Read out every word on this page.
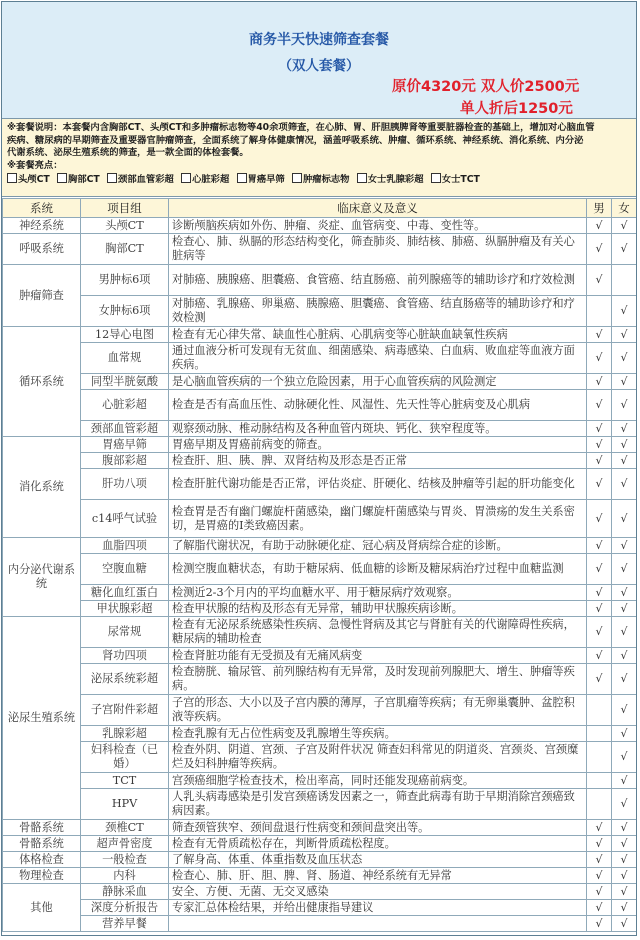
商务半天快速筛查套餐
（双人套餐）
原价4320元 双人价2500元
单人折后1250元
※套餐说明：本套餐内含胸部CT、头颅CT和多肿瘤标志物等40余项筛查，在心肺、胃、肝胆胰脾肾等重要脏器检查的基础上，增加对心脑血管
疾病、糖尿病的早期筛查及重要器官肿瘤筛查，全面系统了解身体健康情况，涵盖呼吸系统、肿瘤、循环系统、神经系统、消化系统、内分泌
代谢系统、泌尿生殖系统的筛查，是一款全面的体检套餐。
※套餐亮点：
头颅CT 胸部CT 颈部血管彩超 心脏彩超 胃癌早筛 肿瘤标志物 女士乳腺彩超 女士TCT
系统	项目组	临床意义及意义	男	女
神经系统	头颅CT	诊断颅脑疾病如外伤、肿瘤、炎症、血管病变、中毒、变性等。	√	√
呼吸系统	胸部CT	检查心、肺、纵膈的形态结构变化，筛查肺炎、肺结核、肺癌、纵膈肿瘤及有关心脏病等	√	√
肿瘤筛查	男肿标6项	对肺癌、胰腺癌、胆囊癌、食管癌、结直肠癌、前列腺癌等的辅助诊疗和疗效检测	√	
	女肿标6项	对肺癌、乳腺癌、卵巢癌、胰腺癌、胆囊癌、食管癌、结直肠癌等的辅助诊疗和疗效检测		√
循环系统	12导心电图	检查有无心律失常、缺血性心脏病、心肌病变等心脏缺血缺氧性疾病	√	√
	血常规	通过血液分析可发现有无贫血、细菌感染、病毒感染、白血病、败血症等血液方面疾病。	√	√
	同型半胱氨酸	是心脑血管疾病的一个独立危险因素，用于心血管疾病的风险测定	√	√
	心脏彩超	检查是否有高血压性、动脉硬化性、风湿性、先天性等心脏病变及心肌病	√	√
	颈部血管彩超	观察颈动脉、椎动脉结构及各种血管内斑块、钙化、狭窄程度等。	√	√
消化系统	胃癌早筛	胃癌早期及胃癌前病变的筛查。	√	√
	腹部彩超	检查肝、胆、胰、脾、双肾结构及形态是否正常	√	√
	肝功八项	检查肝脏代谢功能是否正常，评估炎症、肝硬化、结核及肿瘤等引起的肝功能变化	√	√
	c14呼气试验	检查胃是否有幽门螺旋杆菌感染，幽门螺旋杆菌感染与胃炎、胃溃疡的发生关系密切，是胃癌的I类致癌因素。	√	√
内分泌代谢系统	血脂四项	了解脂代谢状况，有助于动脉硬化症、冠心病及肾病综合症的诊断。	√	√
	空腹血糖	检测空腹血糖状态，有助于糖尿病、低血糖的诊断及糖尿病治疗过程中血糖监测	√	√
	糖化血红蛋白	检测近2-3个月内的平均血糖水平、用于糖尿病疗效观察。	√	√
	甲状腺彩超	检查甲状腺的结构及形态有无异常，辅助甲状腺疾病诊断。	√	√
泌尿生殖系统	尿常规	检查有无泌尿系统感染性疾病、急慢性肾病及其它与肾脏有关的代谢障碍性疾病，糖尿病的辅助检查	√	√
	肾功四项	检查肾脏功能有无受损及有无痛风病变	√	√
	泌尿系统彩超	检查膀胱、输尿管、前列腺结构有无异常，及时发现前列腺肥大、增生、肿瘤等疾病。	√	√
	子宫附件彩超	子宫的形态、大小以及子宫内膜的薄厚，子宫肌瘤等疾病；有无卵巢囊肿、盆腔积液等疾病。		√
	乳腺彩超	检查乳腺有无占位性病变及乳腺增生等疾病。		√
	妇科检查（已婚）	检查外阴、阴道、宫颈、子宫及附件状况 筛查妇科常见的阴道炎、宫颈炎、宫颈糜烂及妇科肿瘤等疾病。		√
	TCT	宫颈癌细胞学检查技术，检出率高，同时还能发现癌前病变。		√
	HPV	人乳头病毒感染是引发宫颈癌诱发因素之一，筛查此病毒有助于早期消除宫颈癌致病因素。		√
骨骼系统	颈椎CT	筛查颈管狭窄、颈间盘退行性病变和颈间盘突出等。	√	√
骨骼系统	超声骨密度	检查有无骨质疏松存在，判断骨质疏松程度。	√	√
体格检查	一般检查	了解身高、体重、体重指数及血压状态	√	√
物理检查	内科	检查心、肺、肝、胆、脾、肾、肠道、神经系统有无异常	√	√
其他	静脉采血	安全、方便、无菌、无交叉感染	√	√
	深度分析报告	专家汇总体检结果，并给出健康指导建议	√	√
	营养早餐		√	√
